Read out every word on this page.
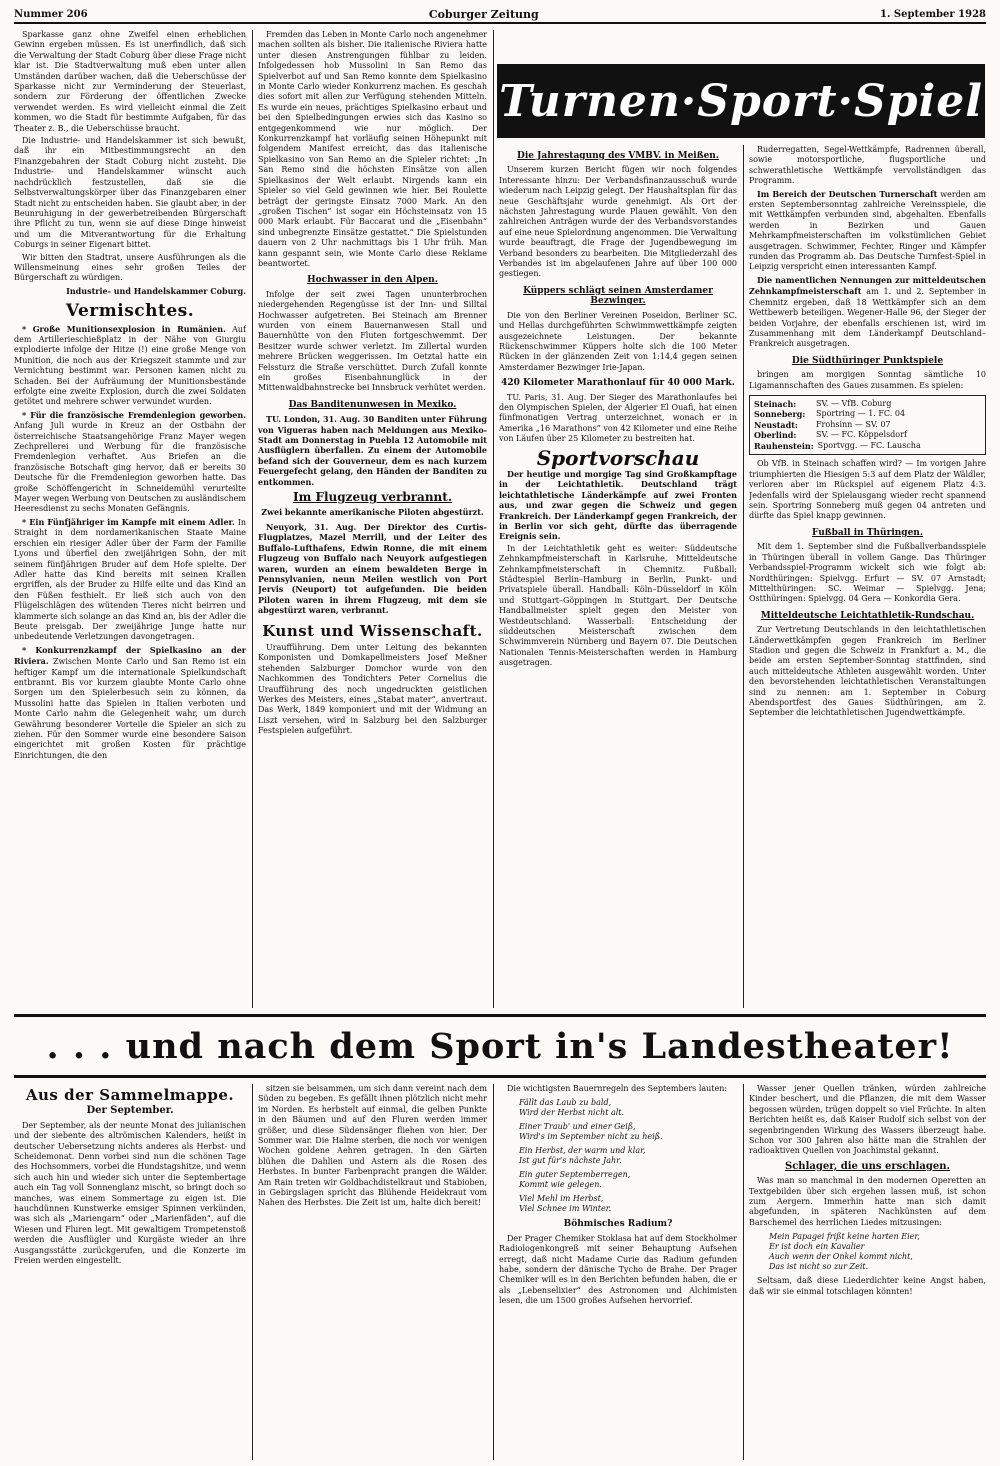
Nummer 206	Coburger Zeitung	1. September 1928

Sparkasse ganz ohne Zweifel einen erheblichen Gewinn ergeben müssen. Es ist unerfindlich, daß sich die Verwaltung der Stadt Coburg über diese Frage nicht klar ist. Die Stadtverwaltung muß eben unter allen Umständen darüber wachen, daß die Ueberschüsse der Sparkasse nicht zur Verminderung der Steuerlast, sondern zur Förderung der öffentlichen Zwecke verwendet werden. Es wird vielleicht einmal die Zeit kommen, wo die Stadt für bestimmte Aufgaben, für das Theater z. B., die Ueberschüsse braucht.

Die Industrie- und Handelskammer ist sich bewußt, daß ihr ein Mitbestimmungsrecht an den Finanzgebahren der Stadt Coburg nicht zusteht. Die Industrie- und Handelskammer wünscht auch nachdrücklich festzustellen, daß sie die Selbstverwaltungskörper über das Finanzgebaren einer Stadt nicht zu entscheiden haben. Sie glaubt aber, in der Beunruhigung in der gewerbetreibenden Bürgerschaft ihre Pflicht zu tun, wenn sie auf diese Dinge hinweist und um die Mitverantwortung für die Erhaltung Coburgs in seiner Eigenart bittet.

Wir bitten den Stadtrat, unsere Ausführungen als die Willensmeinung eines sehr großen Teiles der Bürgerschaft zu würdigen.

Industrie- und Handelskammer Coburg.

Vermischtes.

* Große Munitionsexplosion in Rumänien. Auf dem Artillerieschießplatz in der Nähe von Giurgiu explodierte infolge der Hitze (!) eine große Menge von Munition, die noch aus der Kriegszeit stammte und zur Vernichtung bestimmt war. Personen kamen nicht zu Schaden. Bei der Aufräumung der Munitionsbestände erfolgte eine zweite Explosion, durch die zwei Soldaten getötet und mehrere schwer verwundet wurden.

* Für die französische Fremdenlegion geworben. Anfang Juli wurde in Kreuz an der Ostbahn der österreichische Staatsangehörige Franz Mayer wegen Zechprellerei und Werbung für die französische Fremdenlegion verhaftet. Aus Briefen an die französische Botschaft ging hervor, daß er bereits 30 Deutsche für die Fremdenlegion geworben hatte. Das große Schöffengericht in Schneidemühl verurteilte Mayer wegen Werbung von Deutschen zu ausländischem Heeresdienst zu sechs Monaten Gefängnis.

* Ein Fünfjähriger im Kampfe mit einem Adler. In Straight in dem nordamerikanischen Staate Maine erschien ein riesiger Adler über der Farm der Familie Lyons und überfiel den zweijährigen Sohn, der mit seinem fünfjährigen Bruder auf dem Hofe spielte. Der Adler hatte das Kind bereits mit seinen Krallen ergriffen, als der Bruder zu Hilfe eilte und das Kind an den Füßen festhielt. Er ließ sich auch von den Flügelschlägen des wütenden Tieres nicht beirren und klammerte sich solange an das Kind an, bis der Adler die Beute preisgab. Der zweijährige Junge hatte nur unbedeutende Verletzungen davongetragen.

* Konkurrenzkampf der Spielkasino an der Riviera. Zwischen Monte Carlo und San Remo ist ein heftiger Kampf um die internationale Spielkundschaft entbrannt. Bis vor kurzem glaubte Monte Carlo ohne Sorgen um den Spielerbesuch sein zu können, da Mussolini hatte das Spielen in Italien verboten und Monte Carlo nahm die Gelegenheit wahr, um durch Gewährung besonderer Vorteile die Spieler an sich zu ziehen. Für den Sommer wurde eine besondere Saison eingerichtet mit großen Kosten für prächtige Einrichtungen, die den

Fremden das Leben in Monte Carlo noch angenehmer machen sollten als bisher. Die italienische Riviera hatte unter diesen Anstrengungen fühlbar zu leiden. Infolgedessen hob Mussolini in San Remo das Spielverbot auf und San Remo konnte dem Spielkasino in Monte Carlo wieder Konkurrenz machen. Es geschah dies sofort mit allen zur Verfügung stehenden Mitteln. Es wurde ein neues, prächtiges Spielkasino erbaut und bei den Spielbedingungen erwies sich das Kasino so entgegenkommend wie nur möglich. Der Konkurrenzkampf hat vorläufig seinen Höhepunkt mit folgendem Manifest erreicht, das das italienische Spielkasino von San Remo an die Spieler richtet: „In San Remo sind die höchsten Einsätze von allen Spielkasinos der Welt erlaubt. Nirgends kann ein Spieler so viel Geld gewinnen wie hier. Bei Roulette beträgt der geringste Einsatz 7000 Mark. An den „großen Tischen“ ist sogar ein Höchsteinsatz von 15 000 Mark erlaubt. Für Baccarat und die „Eisenbahn“ sind unbegrenzte Einsätze gestattet.“ Die Spielstunden dauern von 2 Uhr nachmittags bis 1 Uhr früh. Man kann gespannt sein, wie Monte Carlo diese Reklame beantwortet.

Hochwasser in den Alpen.

Infolge der seit zwei Tagen ununterbrochen niedergehenden Regengüsse ist der Inn- und Silltal Hochwasser aufgetreten. Bei Steinach am Brenner wurden von einem Bauernanwesen Stall und Bauernhütte von den Fluten fortgeschwemmt. Der Besitzer wurde schwer verletzt. Im Zillertal wurden mehrere Brücken weggerissen. Im Oetztal hatte ein Felssturz die Straße verschüttet. Durch Zufall konnte ein großes Eisenbahnunglück in der Mittenwaldbahnstrecke bei Innsbruck verhütet werden.

Das Banditenunwesen in Mexiko.

TU. London, 31. Aug. 30 Banditen unter Führung von Vigueras haben nach Meldungen aus Mexiko-Stadt am Donnerstag in Puebla 12 Automobile mit Ausflüglern überfallen. Zu einem der Automobile befand sich der Gouverneur, dem es nach kurzem Feuergefecht gelang, den Händen der Banditen zu entkommen.

Im Flugzeug verbrannt.
Zwei bekannte amerikanische Piloten abgestürzt.

Neuyork, 31. Aug. Der Direktor des Curtis-Flugplatzes, Mazel Merrill, und der Leiter des Buffalo-Lufthafens, Edwin Ronne, die mit einem Flugzeug von Buffalo nach Neuyork aufgestiegen waren, wurden an einem bewaldeten Berge in Pennsylvanien, neun Meilen westlich von Port Jervis (Neuport) tot aufgefunden. Die beiden Piloten waren in ihrem Flugzeug, mit dem sie abgestürzt waren, verbrannt.

Kunst und Wissenschaft.

Uraufführung. Dem unter Leitung des bekannten Komponisten und Domkapellmeisters Josef Meßner stehenden Salzburger Domchor wurde von den Nachkommen des Tondichters Peter Cornelius die Uraufführung des noch ungedruckten geistlichen Werkes des Meisters, eines „Stabat mater“, anvertraut. Das Werk, 1849 komponiert und mit der Widmung an Liszt versehen, wird in Salzburg bei den Salzburger Festspielen aufgeführt.

Turnen·Sport·Spiel
Die Jahrestagung des VMBV. in Meißen.

Unserem kurzen Bericht fügen wir noch folgendes Interessante hinzu: Der Verbandsfinanzausschuß wurde wiederum nach Leipzig gelegt. Der Haushaltsplan für das neue Geschäftsjahr wurde genehmigt. Als Ort der nächsten Jahrestagung wurde Plauen gewählt. Von den zahlreichen Anträgen wurde der des Verbandsvorstandes auf eine neue Spielordnung angenommen. Die Verwaltung wurde beauftragt, die Frage der Jugendbewegung im Verband besonders zu bearbeiten. Die Mitgliederzahl des Verbandes ist im abgelaufenen Jahre auf über 100 000 gestiegen.

Küppers schlägt seinen Amsterdamer Bezwinger.

Die von den Berliner Vereinen Poseidon, Berliner SC. und Hellas durchgeführten Schwimmwettkämpfe zeigten ausgezeichnete Leistungen. Der bekannte Rückenschwimmer Küppers holte sich die 100 Meter Rücken in der glänzenden Zeit von 1:14,4 gegen seinen Amsterdamer Bezwinger Irie-Japan.

420 Kilometer Marathonlauf für 40 000 Mark.

TU. Paris, 31. Aug. Der Sieger des Marathonlaufes bei den Olympischen Spielen, der Algerier El Ouafi, hat einen fünfmonatigen Vertrag unterzeichnet, wonach er in Amerika „16 Marathons“ von 42 Kilometer und eine Reihe von Läufen über 25 Kilometer zu bestreiten hat.

Sportvorschau

Der heutige und morgige Tag sind Großkampftage in der Leichtathletik. Deutschland trägt leichtathletische Länderkämpfe auf zwei Fronten aus, und zwar gegen die Schweiz und gegen Frankreich. Der Länderkampf gegen Frankreich, der in Berlin vor sich geht, dürfte das überragende Ereignis sein.

In der Leichtathletik geht es weiter: Süddeutsche Zehnkampfmeisterschaft in Karlsruhe, Mitteldeutsche Zehnkampfmeisterschaft in Chemnitz. Fußball: Städtespiel Berlin–Hamburg in Berlin, Punkt- und Privatspiele überall. Handball: Köln–Düsseldorf in Köln und Stuttgart–Göppingen in Stuttgart. Der Deutsche Handballmeister spielt gegen den Meister von Westdeutschland. Wasserball: Entscheidung der süddeutschen Meisterschaft zwischen dem Schwimmverein Nürnberg und Bayern 07. Die Deutschen Nationalen Tennis-Meisterschaften werden in Hamburg ausgetragen.

Ruderregatten, Segel-Wettkämpfe, Radrennen überall, sowie motorsportliche, flugsportliche und schwerathletische Wettkämpfe vervollständigen das Programm.

Im Bereich der Deutschen Turnerschaft werden am ersten Septembersonntag zahlreiche Vereinsspiele, die mit Wettkämpfen verbunden sind, abgehalten. Ebenfalls werden in Bezirken und Gauen Mehrkampfmeisterschaften im volkstümlichen Gebiet ausgetragen. Schwimmer, Fechter, Ringer und Kämpfer runden das Programm ab. Das Deutsche Turnfest-Spiel in Leipzig verspricht einen interessanten Kampf.

Die namentlichen Nennungen zur mitteldeutschen Zehnkampfmeisterschaft am 1. und 2. September in Chemnitz ergeben, daß 18 Wettkämpfer sich an dem Wettbewerb beteiligen. Wegener-Halle 96, der Sieger der beiden Vorjahre, der ebenfalls erschienen ist, wird im Zusammenhang mit dem Länderkampf Deutschland–Frankreich ausgetragen.

Die Südthüringer Punktspiele

bringen am morgigen Sonntag sämtliche 10 Ligamannschaften des Gaues zusammen. Es spielen:

Steinach:	SV. — VfB. Coburg
Sonneberg:	Sportring — 1. FC. 04
Neustadt:	Frohsinn — SV. 07
Oberlind:	SV. — FC. Köppelsdorf
Rauhenstein: Sportvgg. — FC. Lauscha

Ob VfB. in Steinach schaffen wird? — Im vorigen Jahre triumphierten die Hiesigen 5:3 auf dem Platz der Wäldler, verloren aber im Rückspiel auf eigenem Platz 4:3. Jedenfalls wird der Spielausgang wieder recht spannend sein. Sportring Sonneberg muß gegen 04 antreten und dürfte das Spiel knapp gewinnen.

Fußball in Thüringen.

Mit dem 1. September sind die Fußballverbandsspiele in Thüringen überall in vollem Gange. Das Thüringer Verbandsspiel-Programm wickelt sich wie folgt ab: Nordthüringen: Spielvgg. Erfurt — SV. 07 Arnstadt; Mittelthüringen: SC. Weimar — Spielvgg. Jena; Ostthüringen: Spielvgg. 04 Gera — Konkordia Gera.

Mitteldeutsche Leichtathletik-Rundschau.

Zur Vertretung Deutschlands in den leichtathletischen Länderwettkämpfen gegen Frankreich im Berliner Stadion und gegen die Schweiz in Frankfurt a. M., die beide am ersten September-Sonntag stattfinden, sind auch mitteldeutsche Athleten ausgewählt worden. Unter den bevorstehenden leichtathletischen Veranstaltungen sind zu nennen: am 1. September in Coburg Abendsportfest des Gaues Südthüringen, am 2. September die leichtathletischen Jugendwettkämpfe.

. . . und nach dem Sport in's Landestheater!
Aus der Sammelmappe.
Der September.

Der September, als der neunte Monat des julianischen und der siebente des altrömischen Kalenders, heißt in deutscher Uebersetzung nichts anderes als Herbst- und Scheidemonat. Denn vorbei sind nun die schönen Tage des Hochsommers, vorbei die Hundstagshitze, und wenn sich auch hin und wieder sich unter die Septembertage auch ein Tag voll Sonnenglanz mischt, so bringt doch so manches, was einem Sommertage zu eigen ist. Die hauchdünnen Kunstwerke emsiger Spinnen verkünden, was sich als „Mariengarn“ oder „Marienfäden“, auf die Wiesen und Fluren legt. Mit gewaltigem Trompetenstoß werden die Ausflügler und Kurgäste wieder an ihre Ausgangsstätte zurückgerufen, und die Konzerte im Freien werden eingestellt.

sitzen sie beisammen, um sich dann vereint nach dem Süden zu begeben. Es gefällt ihnen plötzlich nicht mehr im Norden. Es herbstelt auf einmal, die gelben Punkte in den Bäumen und auf den Fluren werden immer größer, und diese Südensänger fliehen von hier. Der Sommer war. Die Halme sterben, die noch vor wenigen Wochen goldene Aehren getragen. In den Gärten blühen die Dahlien und Astern als die Rosen des Herbstes. In bunter Farbenpracht prangen die Wälder. Am Rain treten wir Goldbachdistelkraut und Stabioben, in Gebirgslagen spricht das Blühende Heidekraut vom Nahen des Herbstes. Die Zeit ist um, halte dich bereit!

Die wichtigsten Bauernregeln des Septembers lauten:

Fällt das Laub zu bald,
Wird der Herbst nicht alt.
Einer Traub' und einer Geiß,
Wird's im September nicht zu heiß.
Ein Herbst, der warm und klar,
Ist gut für's nächste Jahr.
Ein guter Septemberregen,
Kommt wie gelegen.
Viel Mehl im Herbst,
Viel Schnee im Winter.
Böhmisches Radium?

Der Prager Chemiker Stoklasa hat auf dem Stockholmer Radiologenkongreß mit seiner Behauptung Aufsehen erregt, daß nicht Madame Curie das Radium gefunden habe, sondern der dänische Tycho de Brahe. Der Prager Chemiker will es in den Berichten befunden haben, die er als „Lebenselixier“ des Astronomen und Alchimisten lesen, die um 1500 großes Aufsehen hervorrief.

Wasser jener Quellen tränken, würden zahlreiche Kinder beschert, und die Pflanzen, die mit dem Wasser begossen würden, trügen doppelt so viel Früchte. In alten Berichten heißt es, daß Kaiser Rudolf sich selbst von der segenbringenden Wirkung des Wassers überzeugt habe. Schon vor 300 Jahren also hätte man die Strahlen der radioaktiven Quellen von Joachimstal gekannt.

Schlager, die uns erschlagen.

Was man so manchmal in den modernen Operetten an Textgebilden über sich ergehen lassen muß, ist schon zum Aergern. Immerhin hatte man sich damit abgefunden, in späteren Nachkünsten auf dem Barschemel des herrlichen Liedes mitzusingen:

Mein Papagei frißt keine harten Eier,
Er ist doch ein Kavalier
Auch wenn der Onkel kommt nicht,
Das ist nicht so zur Zeit.

Seltsam, daß diese Liederdichter keine Angst haben, daß wir sie einmal totschlagen könnten!
